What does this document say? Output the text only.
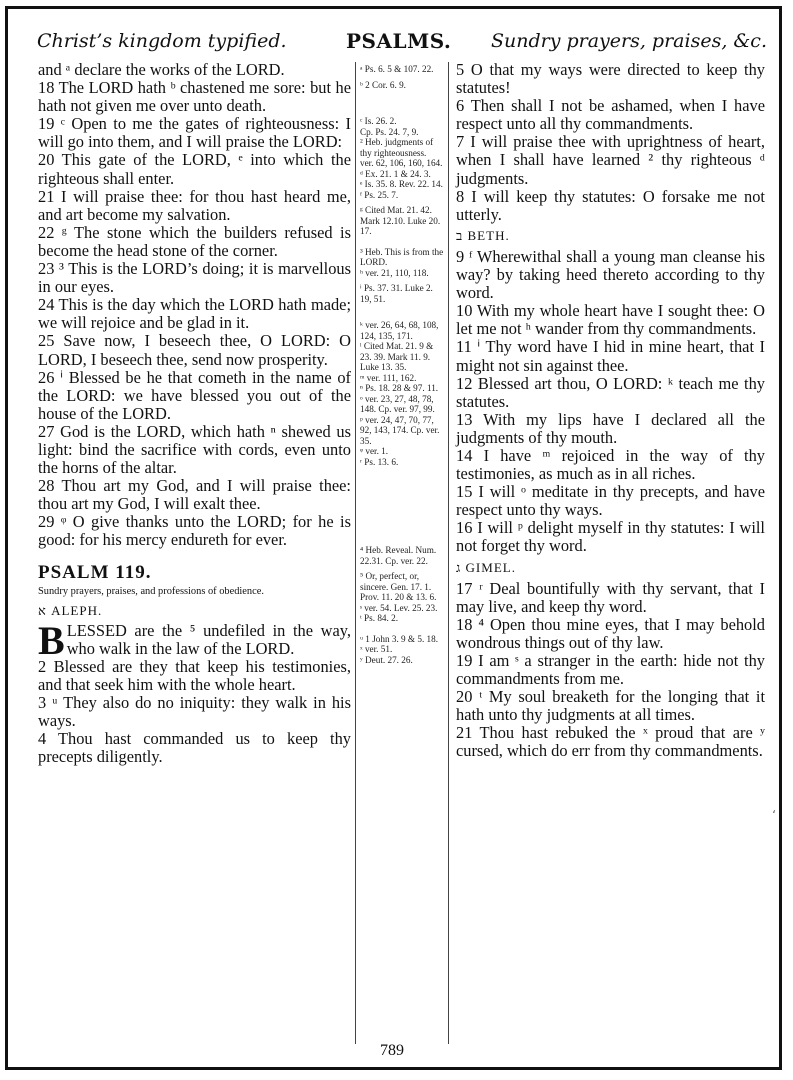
Christ’s kingdom typified.	PSALMS. Sundry prayers, praises, &c.

and ᵃ declare the works of the LORD.

18 The LORD hath ᵇ chastened me sore: but he hath not given me over unto death.

19 ᶜ Open to me the gates of righteousness: I will go into them, and I will praise the LORD:

20 This gate of the LORD, ᵉ into which the righteous shall enter.

21 I will praise thee: for thou hast heard me, and art become my salvation.

22 ᵍ The stone which the builders refused is become the head stone of the corner.

23 ³ This is the LORD’s doing; it is marvellous in our eyes.

24 This is the day which the LORD hath made; we will rejoice and be glad in it.

25 Save now, I beseech thee, O LORD: O LORD, I beseech thee, send now prosperity.

26 ⁱ Blessed be he that cometh in the name of the LORD: we have blessed you out of the house of the LORD.

27 God is the LORD, which hath ⁿ shewed us light: bind the sacrifice with cords, even unto the horns of the altar.

28 Thou art my God, and I will praise thee: thou art my God, I will exalt thee.

29 ᵠ O give thanks unto the LORD; for he is good: for his mercy endureth for ever.

PSALM 119.

Sundry prayers, praises, and professions of obedience.

א ALEPH.

BLESSED are the ⁵ undefiled in the way, who walk in the law of the LORD.

2 Blessed are they that keep his testimonies, and that seek him with the whole heart.

3 ᵘ They also do no iniquity: they walk in his ways.

4 Thou hast commanded us to keep thy precepts diligently.

ᵃ Ps. 6. 5 & 107. 22.
ᵇ 2 Cor. 6. 9.
ᶜ Is. 26. 2.
Cp. Ps. 24. 7, 9.
² Heb. judgments of thy righteousness.
ver. 62, 106, 160, 164.
ᵈ Ex. 21. 1 & 24. 3.
ᵉ Is. 35. 8. Rev. 22. 14.
ᶠ Ps. 25. 7.
ᵍ Cited Mat. 21. 42. Mark 12.10. Luke 20. 17.
³ Heb. This is from the LORD.
ʰ ver. 21, 110, 118.
ⁱ Ps. 37. 31. Luke 2. 19, 51.
ᵏ ver. 26, 64, 68, 108, 124, 135, 171.
ˡ Cited Mat. 21. 9 & 23. 39. Mark 11. 9. Luke 13. 35.
ᵐ ver. 111, 162.
ⁿ Ps. 18. 28 & 97. 11.
ᵒ ver. 23, 27, 48, 78, 148. Cp. ver. 97, 99.
ᵖ ver. 24, 47, 70, 77, 92, 143, 174. Cp. ver. 35.
ᵠ ver. 1.
ʳ Ps. 13. 6.
⁴ Heb. Reveal. Num. 22.31. Cp. ver. 22.
⁵ Or, perfect, or, sincere. Gen. 17. 1. Prov. 11. 20 & 13. 6.
ˢ ver. 54. Lev. 25. 23.
ᵗ Ps. 84. 2.
ᵘ 1 John 3. 9 & 5. 18.
ˣ ver. 51.
ʸ Deut. 27. 26.

5 O that my ways were directed to keep thy statutes!

6 Then shall I not be ashamed, when I have respect unto all thy commandments.

7 I will praise thee with uprightness of heart, when I shall have learned ² thy righteous ᵈ judgments.

8 I will keep thy statutes: O forsake me not utterly.

ב BETH.

9 ᶠ Wherewithal shall a young man cleanse his way? by taking heed thereto according to thy word.

10 With my whole heart have I sought thee: O let me not ʰ wander from thy commandments.

11 ⁱ Thy word have I hid in mine heart, that I might not sin against thee.

12 Blessed art thou, O LORD: ᵏ teach me thy statutes.

13 With my lips have I declared all the judgments of thy mouth.

14 I have ᵐ rejoiced in the way of thy testimonies, as much as in all riches.

15 I will ᵒ meditate in thy precepts, and have respect unto thy ways.

16 I will ᵖ delight myself in thy statutes: I will not forget thy word.

ג GIMEL.

17 ʳ Deal bountifully with thy servant, that I may live, and keep thy word.

18 ⁴ Open thou mine eyes, that I may behold wondrous things out of thy law.

19 I am ˢ a stranger in the earth: hide not thy commandments from me.

20 ᵗ My soul breaketh for the longing that it hath unto thy judgments at all times.

21 Thou hast rebuked the ˣ proud that are ʸ cursed, which do err from thy commandments.

789
‘
